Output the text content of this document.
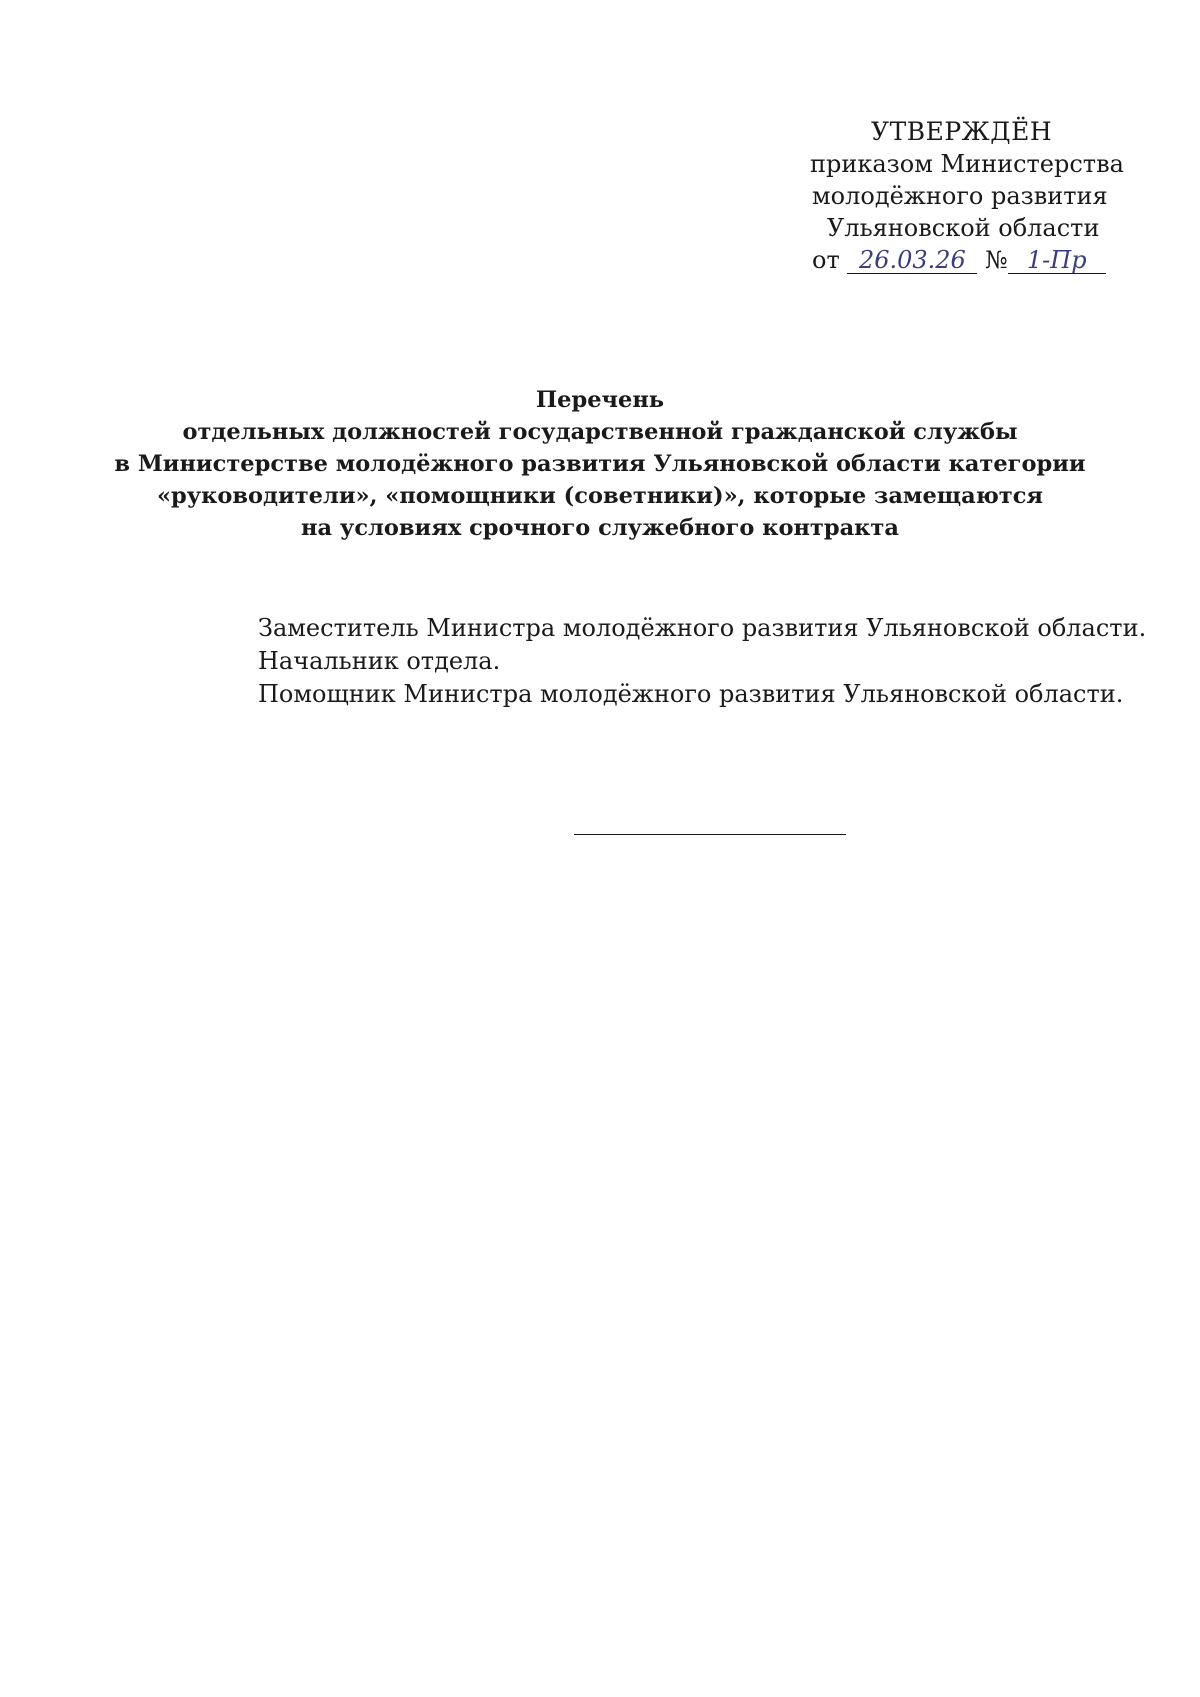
УТВЕРЖДЁН
приказом Министерства
молодёжного развития
Ульяновской области
от 26.03.26 № 1-Пр
Перечень
отдельных должностей государственной гражданской службы
в Министерстве молодёжного развития Ульяновской области категории
«руководители», «помощники (советники)», которые замещаются
на условиях срочного служебного контракта
Заместитель Министра молодёжного развития Ульяновской области.
Начальник отдела.
Помощник Министра молодёжного развития Ульяновской области.
